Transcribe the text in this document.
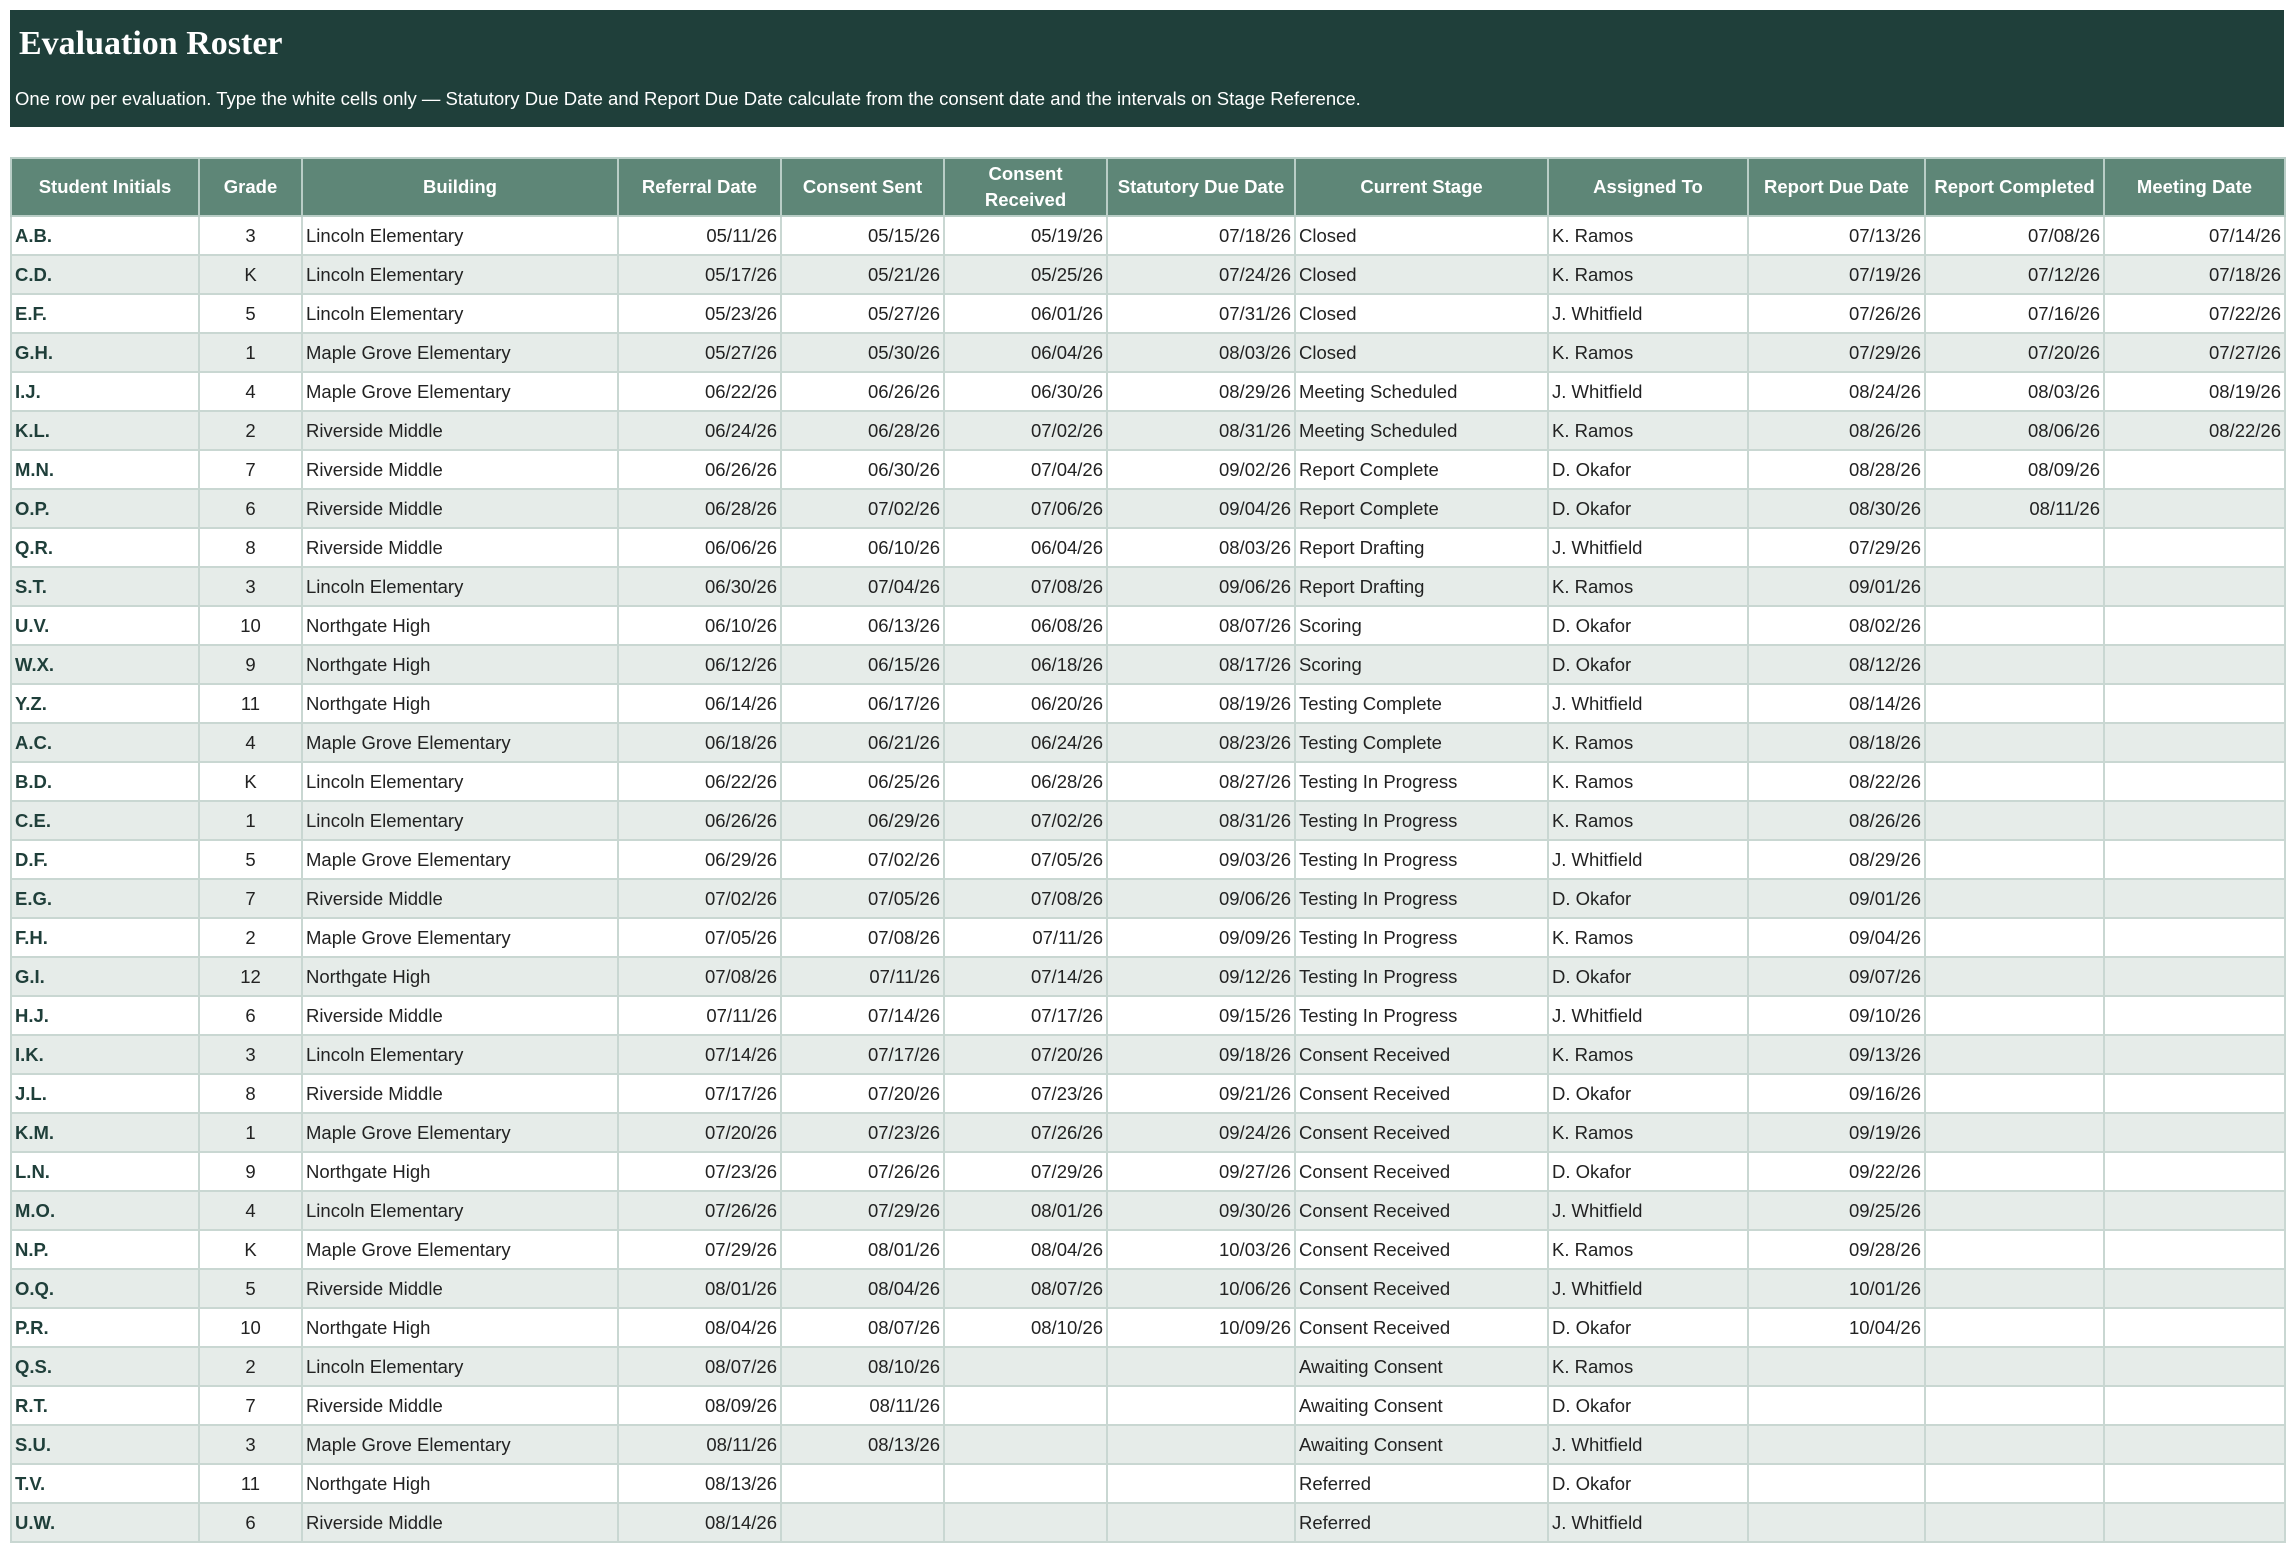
Evaluation Roster
One row per evaluation. Type the white cells only — Statutory Due Date and Report Due Date calculate from the consent date and the intervals on Stage Reference.
Student Initials	Grade	Building	Referral Date	Consent Sent	Consent Received	Statutory Due Date	Current Stage	Assigned To	Report Due Date	Report Completed	Meeting Date
A.B.	3	Lincoln Elementary	05/11/26	05/15/26	05/19/26	07/18/26	Closed	K. Ramos	07/13/26	07/08/26	07/14/26
C.D.	K	Lincoln Elementary	05/17/26	05/21/26	05/25/26	07/24/26	Closed	K. Ramos	07/19/26	07/12/26	07/18/26
E.F.	5	Lincoln Elementary	05/23/26	05/27/26	06/01/26	07/31/26	Closed	J. Whitfield	07/26/26	07/16/26	07/22/26
G.H.	1	Maple Grove Elementary	05/27/26	05/30/26	06/04/26	08/03/26	Closed	K. Ramos	07/29/26	07/20/26	07/27/26
I.J.	4	Maple Grove Elementary	06/22/26	06/26/26	06/30/26	08/29/26	Meeting Scheduled	J. Whitfield	08/24/26	08/03/26	08/19/26
K.L.	2	Riverside Middle	06/24/26	06/28/26	07/02/26	08/31/26	Meeting Scheduled	K. Ramos	08/26/26	08/06/26	08/22/26
M.N.	7	Riverside Middle	06/26/26	06/30/26	07/04/26	09/02/26	Report Complete	D. Okafor	08/28/26	08/09/26	
O.P.	6	Riverside Middle	06/28/26	07/02/26	07/06/26	09/04/26	Report Complete	D. Okafor	08/30/26	08/11/26	
Q.R.	8	Riverside Middle	06/06/26	06/10/26	06/04/26	08/03/26	Report Drafting	J. Whitfield	07/29/26		
S.T.	3	Lincoln Elementary	06/30/26	07/04/26	07/08/26	09/06/26	Report Drafting	K. Ramos	09/01/26		
U.V.	10	Northgate High	06/10/26	06/13/26	06/08/26	08/07/26	Scoring	D. Okafor	08/02/26		
W.X.	9	Northgate High	06/12/26	06/15/26	06/18/26	08/17/26	Scoring	D. Okafor	08/12/26		
Y.Z.	11	Northgate High	06/14/26	06/17/26	06/20/26	08/19/26	Testing Complete	J. Whitfield	08/14/26		
A.C.	4	Maple Grove Elementary	06/18/26	06/21/26	06/24/26	08/23/26	Testing Complete	K. Ramos	08/18/26		
B.D.	K	Lincoln Elementary	06/22/26	06/25/26	06/28/26	08/27/26	Testing In Progress	K. Ramos	08/22/26		
C.E.	1	Lincoln Elementary	06/26/26	06/29/26	07/02/26	08/31/26	Testing In Progress	K. Ramos	08/26/26		
D.F.	5	Maple Grove Elementary	06/29/26	07/02/26	07/05/26	09/03/26	Testing In Progress	J. Whitfield	08/29/26		
E.G.	7	Riverside Middle	07/02/26	07/05/26	07/08/26	09/06/26	Testing In Progress	D. Okafor	09/01/26		
F.H.	2	Maple Grove Elementary	07/05/26	07/08/26	07/11/26	09/09/26	Testing In Progress	K. Ramos	09/04/26		
G.I.	12	Northgate High	07/08/26	07/11/26	07/14/26	09/12/26	Testing In Progress	D. Okafor	09/07/26		
H.J.	6	Riverside Middle	07/11/26	07/14/26	07/17/26	09/15/26	Testing In Progress	J. Whitfield	09/10/26		
I.K.	3	Lincoln Elementary	07/14/26	07/17/26	07/20/26	09/18/26	Consent Received	K. Ramos	09/13/26		
J.L.	8	Riverside Middle	07/17/26	07/20/26	07/23/26	09/21/26	Consent Received	D. Okafor	09/16/26		
K.M.	1	Maple Grove Elementary	07/20/26	07/23/26	07/26/26	09/24/26	Consent Received	K. Ramos	09/19/26		
L.N.	9	Northgate High	07/23/26	07/26/26	07/29/26	09/27/26	Consent Received	D. Okafor	09/22/26		
M.O.	4	Lincoln Elementary	07/26/26	07/29/26	08/01/26	09/30/26	Consent Received	J. Whitfield	09/25/26		
N.P.	K	Maple Grove Elementary	07/29/26	08/01/26	08/04/26	10/03/26	Consent Received	K. Ramos	09/28/26		
O.Q.	5	Riverside Middle	08/01/26	08/04/26	08/07/26	10/06/26	Consent Received	J. Whitfield	10/01/26		
P.R.	10	Northgate High	08/04/26	08/07/26	08/10/26	10/09/26	Consent Received	D. Okafor	10/04/26		
Q.S.	2	Lincoln Elementary	08/07/26	08/10/26			Awaiting Consent	K. Ramos			
R.T.	7	Riverside Middle	08/09/26	08/11/26			Awaiting Consent	D. Okafor			
S.U.	3	Maple Grove Elementary	08/11/26	08/13/26			Awaiting Consent	J. Whitfield			
T.V.	11	Northgate High	08/13/26				Referred	D. Okafor			
U.W.	6	Riverside Middle	08/14/26				Referred	J. Whitfield			
